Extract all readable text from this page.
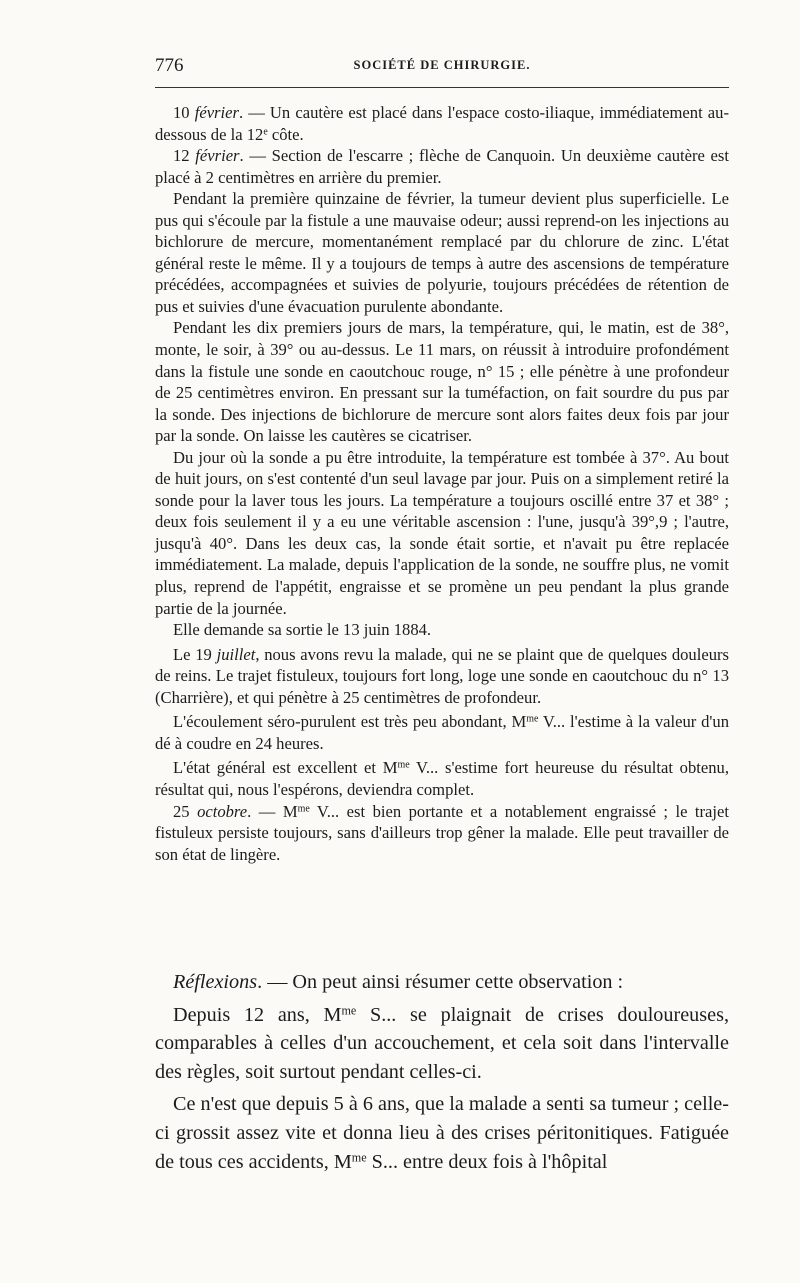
776	SOCIÉTÉ DE CHIRURGIE.

10 février. — Un cautère est placé dans l'espace costo-iliaque, immédiatement au-dessous de la 12e côte.

12 février. — Section de l'escarre ; flèche de Canquoin. Un deuxième cautère est placé à 2 centimètres en arrière du premier.

Pendant la première quinzaine de février, la tumeur devient plus superficielle. Le pus qui s'écoule par la fistule a une mauvaise odeur; aussi reprend-on les injections au bichlorure de mercure, momentanément remplacé par du chlorure de zinc. L'état général reste le même. Il y a toujours de temps à autre des ascensions de température précédées, accompagnées et suivies de polyurie, toujours précédées de rétention de pus et suivies d'une évacuation purulente abondante.

Pendant les dix premiers jours de mars, la température, qui, le matin, est de 38°, monte, le soir, à 39° ou au-dessus. Le 11 mars, on réussit à introduire profondément dans la fistule une sonde en caoutchouc rouge, n° 15 ; elle pénètre à une profondeur de 25 centimètres environ. En pressant sur la tuméfaction, on fait sourdre du pus par la sonde. Des injections de bichlorure de mercure sont alors faites deux fois par jour par la sonde. On laisse les cautères se cicatriser.

Du jour où la sonde a pu être introduite, la température est tombée à 37°. Au bout de huit jours, on s'est contenté d'un seul lavage par jour. Puis on a simplement retiré la sonde pour la laver tous les jours. La température a toujours oscillé entre 37 et 38° ; deux fois seulement il y a eu une véritable ascension : l'une, jusqu'à 39°,9 ; l'autre, jusqu'à 40°. Dans les deux cas, la sonde était sortie, et n'avait pu être replacée immédiatement. La malade, depuis l'application de la sonde, ne souffre plus, ne vomit plus, reprend de l'appétit, engraisse et se promène un peu pendant la plus grande partie de la journée.

Elle demande sa sortie le 13 juin 1884.

Le 19 juillet, nous avons revu la malade, qui ne se plaint que de quelques douleurs de reins. Le trajet fistuleux, toujours fort long, loge une sonde en caoutchouc du n° 13 (Charrière), et qui pénètre à 25 centimètres de profondeur.

L'écoulement séro-purulent est très peu abondant, $M^{me}$ V... l'estime à la valeur d'un dé à coudre en 24 heures.

L'état général est excellent et $M^{me}$ V... s'estime fort heureuse du résultat obtenu, résultat qui, nous l'espérons, deviendra complet.

25 octobre. — $M^{me}$ V... est bien portante et a notablement engraissé ; le trajet fistuleux persiste toujours, sans d'ailleurs trop gêner la malade. Elle peut travailler de son état de lingère.

Réflexions. — On peut ainsi résumer cette observation :

Depuis 12 ans, $M^{me}$ S... se plaignait de crises douloureuses, comparables à celles d'un accouchement, et cela soit dans l'intervalle des règles, soit surtout pendant celles-ci.

Ce n'est que depuis 5 à 6 ans, que la malade a senti sa tumeur ; celle-ci grossit assez vite et donna lieu à des crises péritonitiques. Fatiguée de tous ces accidents, $M^{me}$ S... entre deux fois à l'hôpital
